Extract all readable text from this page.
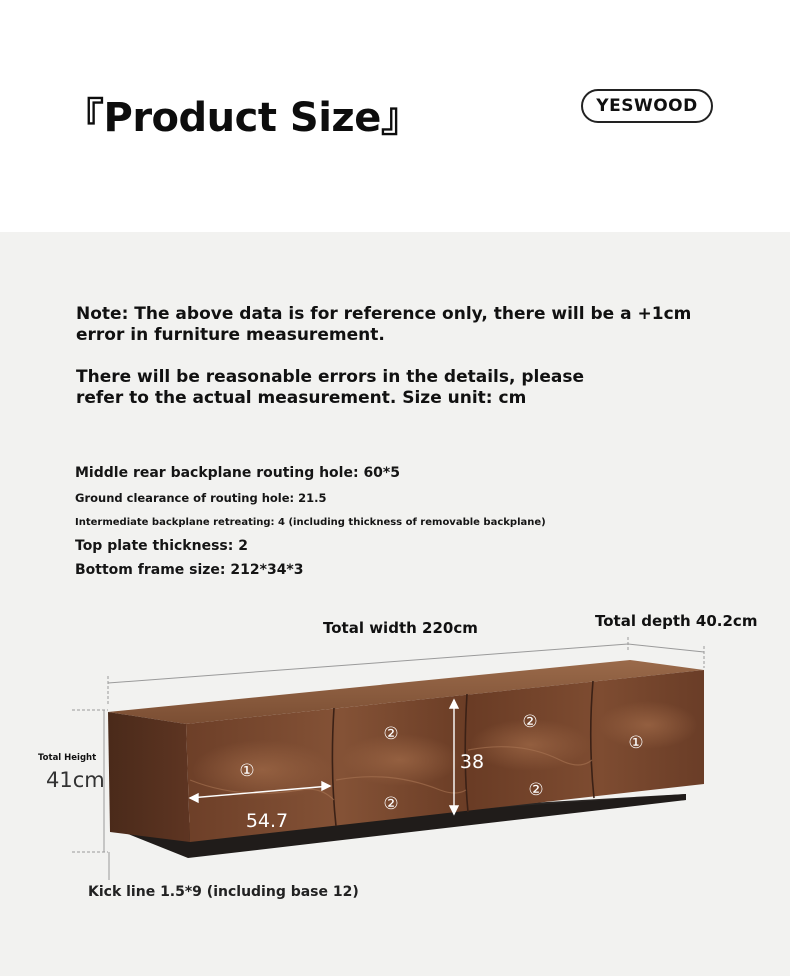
『Product Size』	YESWOOD
Note: The above data is for reference only, there will be a +1cm error in furniture measurement.
There will be reasonable errors in the details, please refer to the actual measurement. Size unit: cm
Middle rear backplane routing hole: 60*5
Ground clearance of routing hole: 21.5
Intermediate backplane retreating: 4 (including thickness of removable backplane)
Top plate thickness: 2
Bottom frame size: 212*34*3
Total width 220cm	Total depth 40.2cm
Total Height
41cm
Kick line 1.5*9 (including base 12)
①
②
②
②
②
①
54.7
38
